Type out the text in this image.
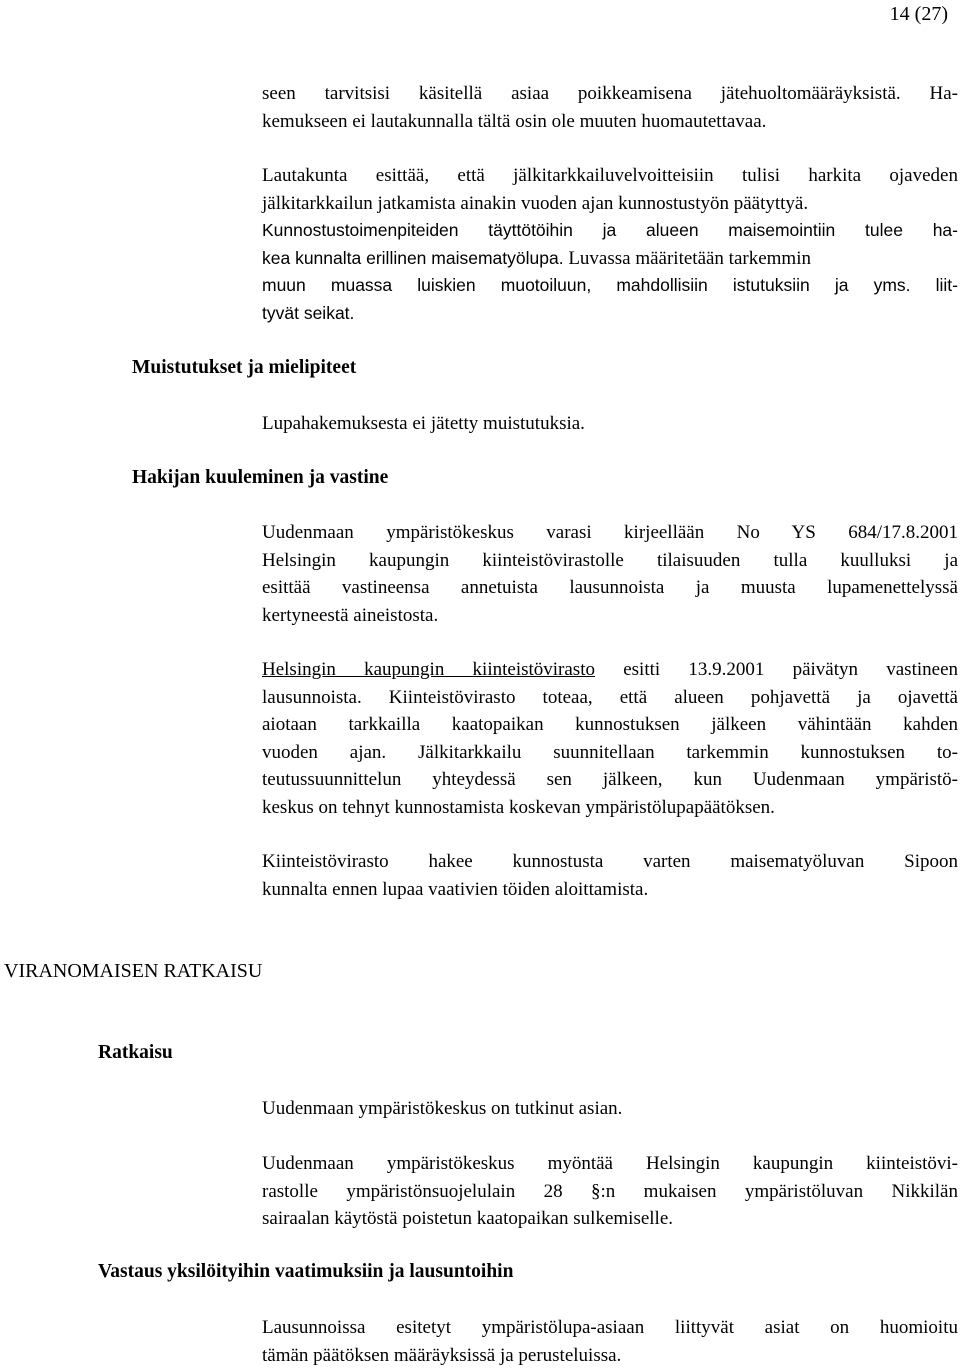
14 (27)

seen tarvitsisi käsitellä asiaa poikkeamisena jätehuoltomääräyksistä. Ha-
kemukseen ei lautakunnalla tältä osin ole muuten huomautettavaa.

Lautakunta esittää, että jälkitarkkailuvelvoitteisiin tulisi harkita ojaveden
jälkitarkkailun jatkamista ainakin vuoden ajan kunnostustyön päätyttyä.
Kunnostustoimenpiteiden täyttötöihin ja alueen maisemointiin tulee ha-
kea kunnalta erillinen maisematyölupa. Luvassa määritetään tarkemmin
muun muassa luiskien muotoiluun, mahdollisiin istutuksiin ja yms. liit-
tyvät seikat.

Muistutukset ja mielipiteet

Lupahakemuksesta ei jätetty muistutuksia.

Hakijan kuuleminen ja vastine

Uudenmaan ympäristökeskus varasi kirjeellään No YS 684/17.8.2001
Helsingin kaupungin kiinteistövirastolle tilaisuuden tulla kuulluksi ja
esittää vastineensa annetuista lausunnoista ja muusta lupamenettelyssä
kertyneestä aineistosta.

Helsingin kaupungin kiinteistövirasto esitti 13.9.2001 päivätyn vastineen
lausunnoista. Kiinteistövirasto toteaa, että alueen pohjavettä ja ojavettä
aiotaan tarkkailla kaatopaikan kunnostuksen jälkeen vähintään kahden
vuoden ajan. Jälkitarkkailu suunnitellaan tarkemmin kunnostuksen to-
teutussuunnittelun yhteydessä sen jälkeen, kun Uudenmaan ympäristö-
keskus on tehnyt kunnostamista koskevan ympäristölupapäätöksen.

Kiinteistövirasto hakee kunnostusta varten maisematyöluvan Sipoon
kunnalta ennen lupaa vaativien töiden aloittamista.

VIRANOMAISEN RATKAISU
Ratkaisu

Uudenmaan ympäristökeskus on tutkinut asian.

Uudenmaan ympäristökeskus myöntää Helsingin kaupungin kiinteistövi-
rastolle ympäristönsuojelulain 28 §:n mukaisen ympäristöluvan Nikkilän
sairaalan käytöstä poistetun kaatopaikan sulkemiselle.

Vastaus yksilöityihin vaatimuksiin ja lausuntoihin

Lausunnoissa esitetyt ympäristölupa-asiaan liittyvät asiat on huomioitu
tämän päätöksen määräyksissä ja perusteluissa.
